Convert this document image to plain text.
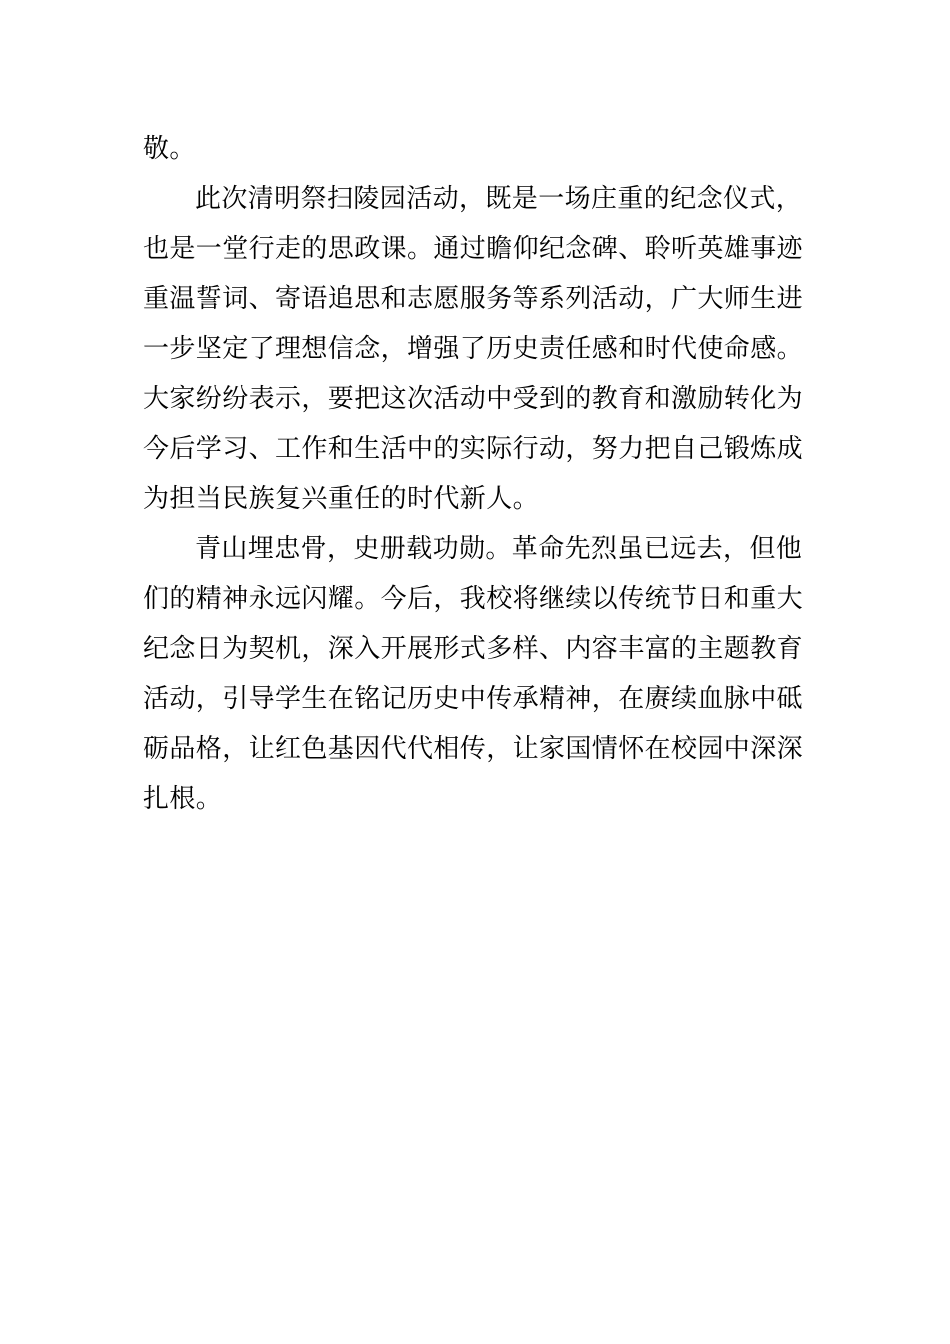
敬。
此次清明祭扫陵园活动，既是一场庄重的纪念仪式，
也是一堂行走的思政课。通过瞻仰纪念碑、聆听英雄事迹
重温誓词、寄语追思和志愿服务等系列活动，广大师生进
一步坚定了理想信念，增强了历史责任感和时代使命感。
大家纷纷表示，要把这次活动中受到的教育和激励转化为
今后学习、工作和生活中的实际行动，努力把自己锻炼成
为担当民族复兴重任的时代新人。
青山埋忠骨，史册载功勋。革命先烈虽已远去，但他
们的精神永远闪耀。今后，我校将继续以传统节日和重大
纪念日为契机，深入开展形式多样、内容丰富的主题教育
活动，引导学生在铭记历史中传承精神，在赓续血脉中砥
砺品格，让红色基因代代相传，让家国情怀在校园中深深
扎根。
